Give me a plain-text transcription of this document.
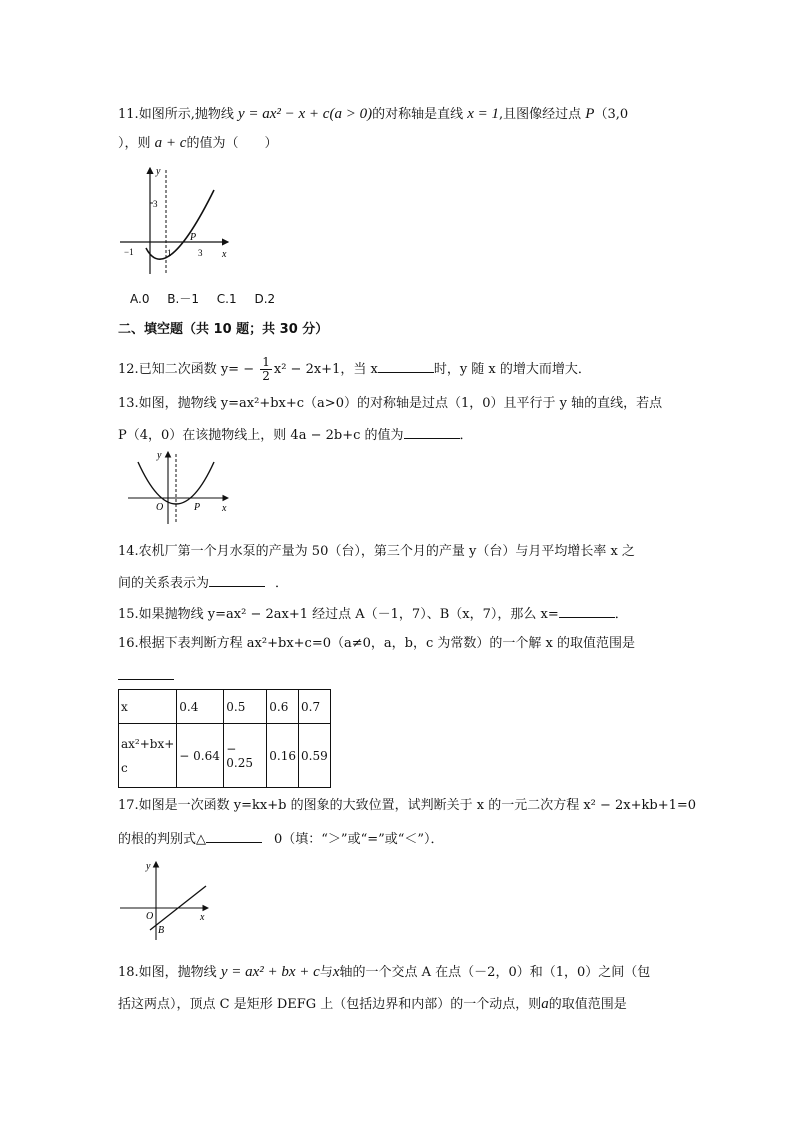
11.如图所示,抛物线 y = ax² − x + c(a > 0)的对称轴是直线 x = 1,且图像经过点 P（3,0
），则 a + c的值为（　　）
y
x
3
−1	1	3
P
A.0 B.－1 C.1 D.2
二、填空题（共 10 题；共 30 分）
12.已知二次函数 $y= - \frac{1}{2} x^2 - 2x+1$，当 x	时，y 随 x 的增大而增大．
13.如图，抛物线 y=ax²+bx+c（a>0）的对称轴是过点（1，0）且平行于 y 轴的直线，若点
P（4，0）在该抛物线上，则 4a − 2b+c 的值为	．
y
x
O	P
14.农机厂第一个月水泵的产量为 50（台），第三个月的产量 y（台）与月平均增长率 x 之
间的关系表示为	．
15.如果抛物线 y=ax² − 2ax+1 经过点 A（－1，7）、B（x，7），那么 x=	．
16.根据下表判断方程 ax²+bx+c=0（a≠0，a，b，c 为常数）的一个解 x 的取值范围是
x	0.4	0.5	0.6	0.7
ax²+bx+
c	− 0.64	− 0.25	0.16	0.59
17.如图是一次函数 y=kx+b 的图象的大致位置，试判断关于 x 的一元二次方程 x² − 2x+kb+1=0
的根的判别式△	0（填：“＞”或“=”或“＜”）．
y
x
O
B
18.如图，抛物线 y = ax² + bx + c与x轴的一个交点 A 在点（－2，0）和（1，0）之间（包
括这两点），顶点 C 是矩形 DEFG 上（包括边界和内部）的一个动点，则a的取值范围是
